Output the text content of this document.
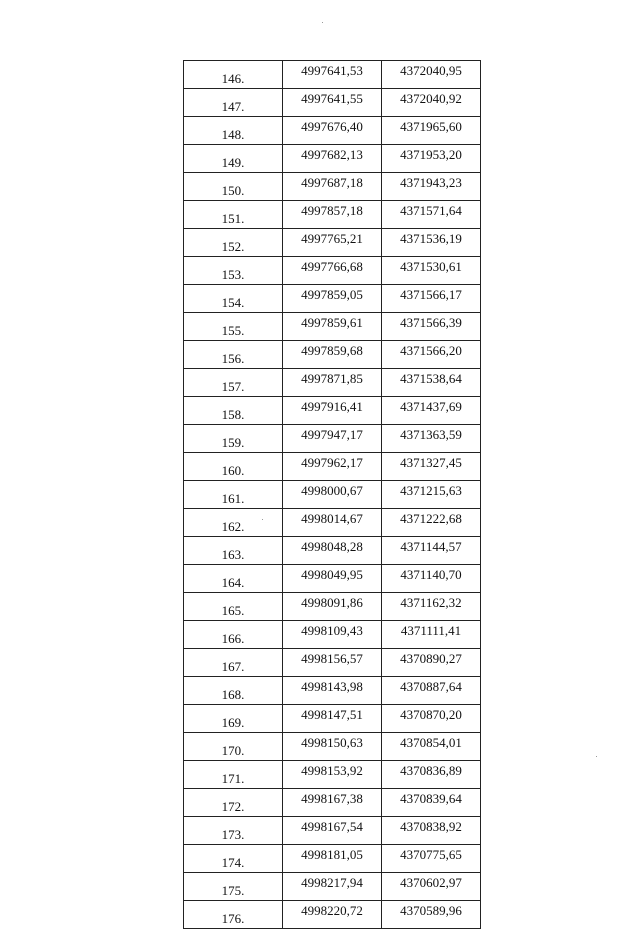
146.	4997641,53	4372040,95
147.	4997641,55	4372040,92
148.	4997676,40	4371965,60
149.	4997682,13	4371953,20
150.	4997687,18	4371943,23
151.	4997857,18	4371571,64
152.	4997765,21	4371536,19
153.	4997766,68	4371530,61
154.	4997859,05	4371566,17
155.	4997859,61	4371566,39
156.	4997859,68	4371566,20
157.	4997871,85	4371538,64
158.	4997916,41	4371437,69
159.	4997947,17	4371363,59
160.	4997962,17	4371327,45
161.	4998000,67	4371215,63
162.	4998014,67	4371222,68
163.	4998048,28	4371144,57
164.	4998049,95	4371140,70
165.	4998091,86	4371162,32
166.	4998109,43	4371111,41
167.	4998156,57	4370890,27
168.	4998143,98	4370887,64
169.	4998147,51	4370870,20
170.	4998150,63	4370854,01
171.	4998153,92	4370836,89
172.	4998167,38	4370839,64
173.	4998167,54	4370838,92
174.	4998181,05	4370775,65
175.	4998217,94	4370602,97
176.	4998220,72	4370589,96
